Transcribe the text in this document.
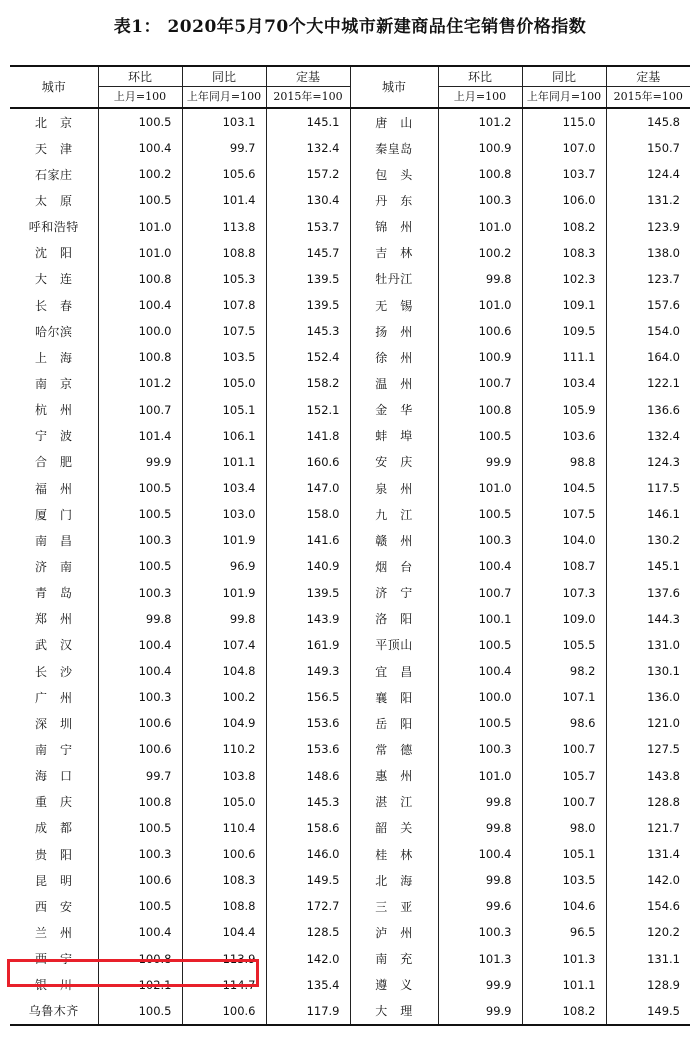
表1： 2020年5月70个大中城市新建商品住宅销售价格指数
城市	环比	同比	定基	城市	环比	同比	定基
	上月=100	上年同月=100	2015年=100		上月=100	上年同月=100	2015年=100
北　京	100.5	103.1	145.1	唐　山	101.2	115.0	145.8
天　津	100.4	99.7	132.4	秦皇岛	100.9	107.0	150.7
石家庄	100.2	105.6	157.2	包　头	100.8	103.7	124.4
太　原	100.5	101.4	130.4	丹　东	100.3	106.0	131.2
呼和浩特	101.0	113.8	153.7	锦　州	101.0	108.2	123.9
沈　阳	101.0	108.8	145.7	吉　林	100.2	108.3	138.0
大　连	100.8	105.3	139.5	牡丹江	99.8	102.3	123.7
长　春	100.4	107.8	139.5	无　锡	101.0	109.1	157.6
哈尔滨	100.0	107.5	145.3	扬　州	100.6	109.5	154.0
上　海	100.8	103.5	152.4	徐　州	100.9	111.1	164.0
南　京	101.2	105.0	158.2	温　州	100.7	103.4	122.1
杭　州	100.7	105.1	152.1	金　华	100.8	105.9	136.6
宁　波	101.4	106.1	141.8	蚌　埠	100.5	103.6	132.4
合　肥	99.9	101.1	160.6	安　庆	99.9	98.8	124.3
福　州	100.5	103.4	147.0	泉　州	101.0	104.5	117.5
厦　门	100.5	103.0	158.0	九　江	100.5	107.5	146.1
南　昌	100.3	101.9	141.6	赣　州	100.3	104.0	130.2
济　南	100.5	96.9	140.9	烟　台	100.4	108.7	145.1
青　岛	100.3	101.9	139.5	济　宁	100.7	107.3	137.6
郑　州	99.8	99.8	143.9	洛　阳	100.1	109.0	144.3
武　汉	100.4	107.4	161.9	平顶山	100.5	105.5	131.0
长　沙	100.4	104.8	149.3	宜　昌	100.4	98.2	130.1
广　州	100.3	100.2	156.5	襄　阳	100.0	107.1	136.0
深　圳	100.6	104.9	153.6	岳　阳	100.5	98.6	121.0
南　宁	100.6	110.2	153.6	常　德	100.3	100.7	127.5
海　口	99.7	103.8	148.6	惠　州	101.0	105.7	143.8
重　庆	100.8	105.0	145.3	湛　江	99.8	100.7	128.8
成　都	100.5	110.4	158.6	韶　关	99.8	98.0	121.7
贵　阳	100.3	100.6	146.0	桂　林	100.4	105.1	131.4
昆　明	100.6	108.3	149.5	北　海	99.8	103.5	142.0
西　安	100.5	108.8	172.7	三　亚	99.6	104.6	154.6
兰　州	100.4	104.4	128.5	泸　州	100.3	96.5	120.2
西　宁	100.8	113.9	142.0	南　充	101.3	101.3	131.1
银　川	102.1	114.7	135.4	遵　义	99.9	101.1	128.9
乌鲁木齐	100.5	100.6	117.9	大　理	99.9	108.2	149.5
